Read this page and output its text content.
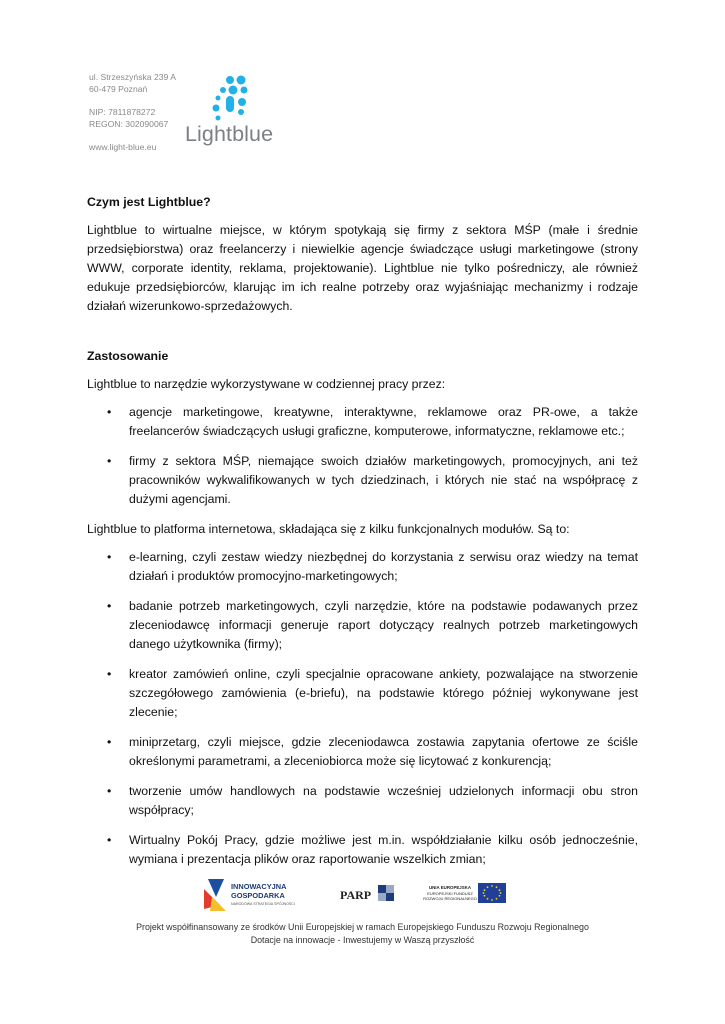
ul. Strzeszyńska 239 A
60-479 Poznań
NIP: 7811878272
REGON: 302090067
www.light-blue.eu
Lightblue
Czym jest Lightblue?

Lightblue to wirtualne miejsce, w którym spotykają się firmy z sektora MŚP (małe i średnie przedsiębiorstwa) oraz freelancerzy i niewielkie agencje świadczące usługi marketingowe (strony WWW, corporate identity, reklama, projektowanie). Lightblue nie tylko pośredniczy, ale również edukuje przedsiębiorców, klarując im ich realne potrzeby oraz wyjaśniając mechanizmy i rodzaje działań wizerunkowo-sprzedażowych.

Zastosowanie

Lightblue to narzędzie wykorzystywane w codziennej pracy przez:

• agencje marketingowe, kreatywne, interaktywne, reklamowe oraz PR-owe, a także freelancerów świadczących usługi graficzne, komputerowe, informatyczne, reklamowe etc.;
• firmy z sektora MŚP, niemające swoich działów marketingowych, promocyjnych, ani też pracowników wykwalifikowanych w tych dziedzinach, i których nie stać na współpracę z dużymi agencjami.

Lightblue to platforma internetowa, składająca się z kilku funkcjonalnych modułów. Są to:

• e-learning, czyli zestaw wiedzy niezbędnej do korzystania z serwisu oraz wiedzy na temat działań i produktów promocyjno-marketingowych;
• badanie potrzeb marketingowych, czyli narzędzie, które na podstawie podawanych przez zleceniodawcę informacji generuje raport dotyczący realnych potrzeb marketingowych danego użytkownika (firmy);
• kreator zamówień online, czyli specjalnie opracowane ankiety, pozwalające na stworzenie szczegółowego zamówienia (e-briefu), na podstawie którego później wykonywane jest zlecenie;
• miniprzetarg, czyli miejsce, gdzie zleceniodawca zostawia zapytania ofertowe ze ściśle określonymi parametrami, a zleceniobiorca może się licytować z konkurencją;
• tworzenie umów handlowych na podstawie wcześniej udzielonych informacji obu stron współpracy;
• Wirtualny Pokój Pracy, gdzie możliwe jest m.in. współdziałanie kilku osób jednocześnie, wymiana i prezentacja plików oraz raportowanie wszelkich zmian;
INNOWACYJNA
GOSPODARKA
NARODOWA STRATEGIA SPÓJNOŚCI
PARP
UNIA EUROPEJSKA
EUROPEJSKI FUNDUSZ
ROZWOJU REGIONALNEGO
Projekt współfinansowany ze środków Unii Europejskiej w ramach Europejskiego Funduszu Rozwoju Regionalnego
Dotacje na innowacje - Inwestujemy w Waszą przyszłość
